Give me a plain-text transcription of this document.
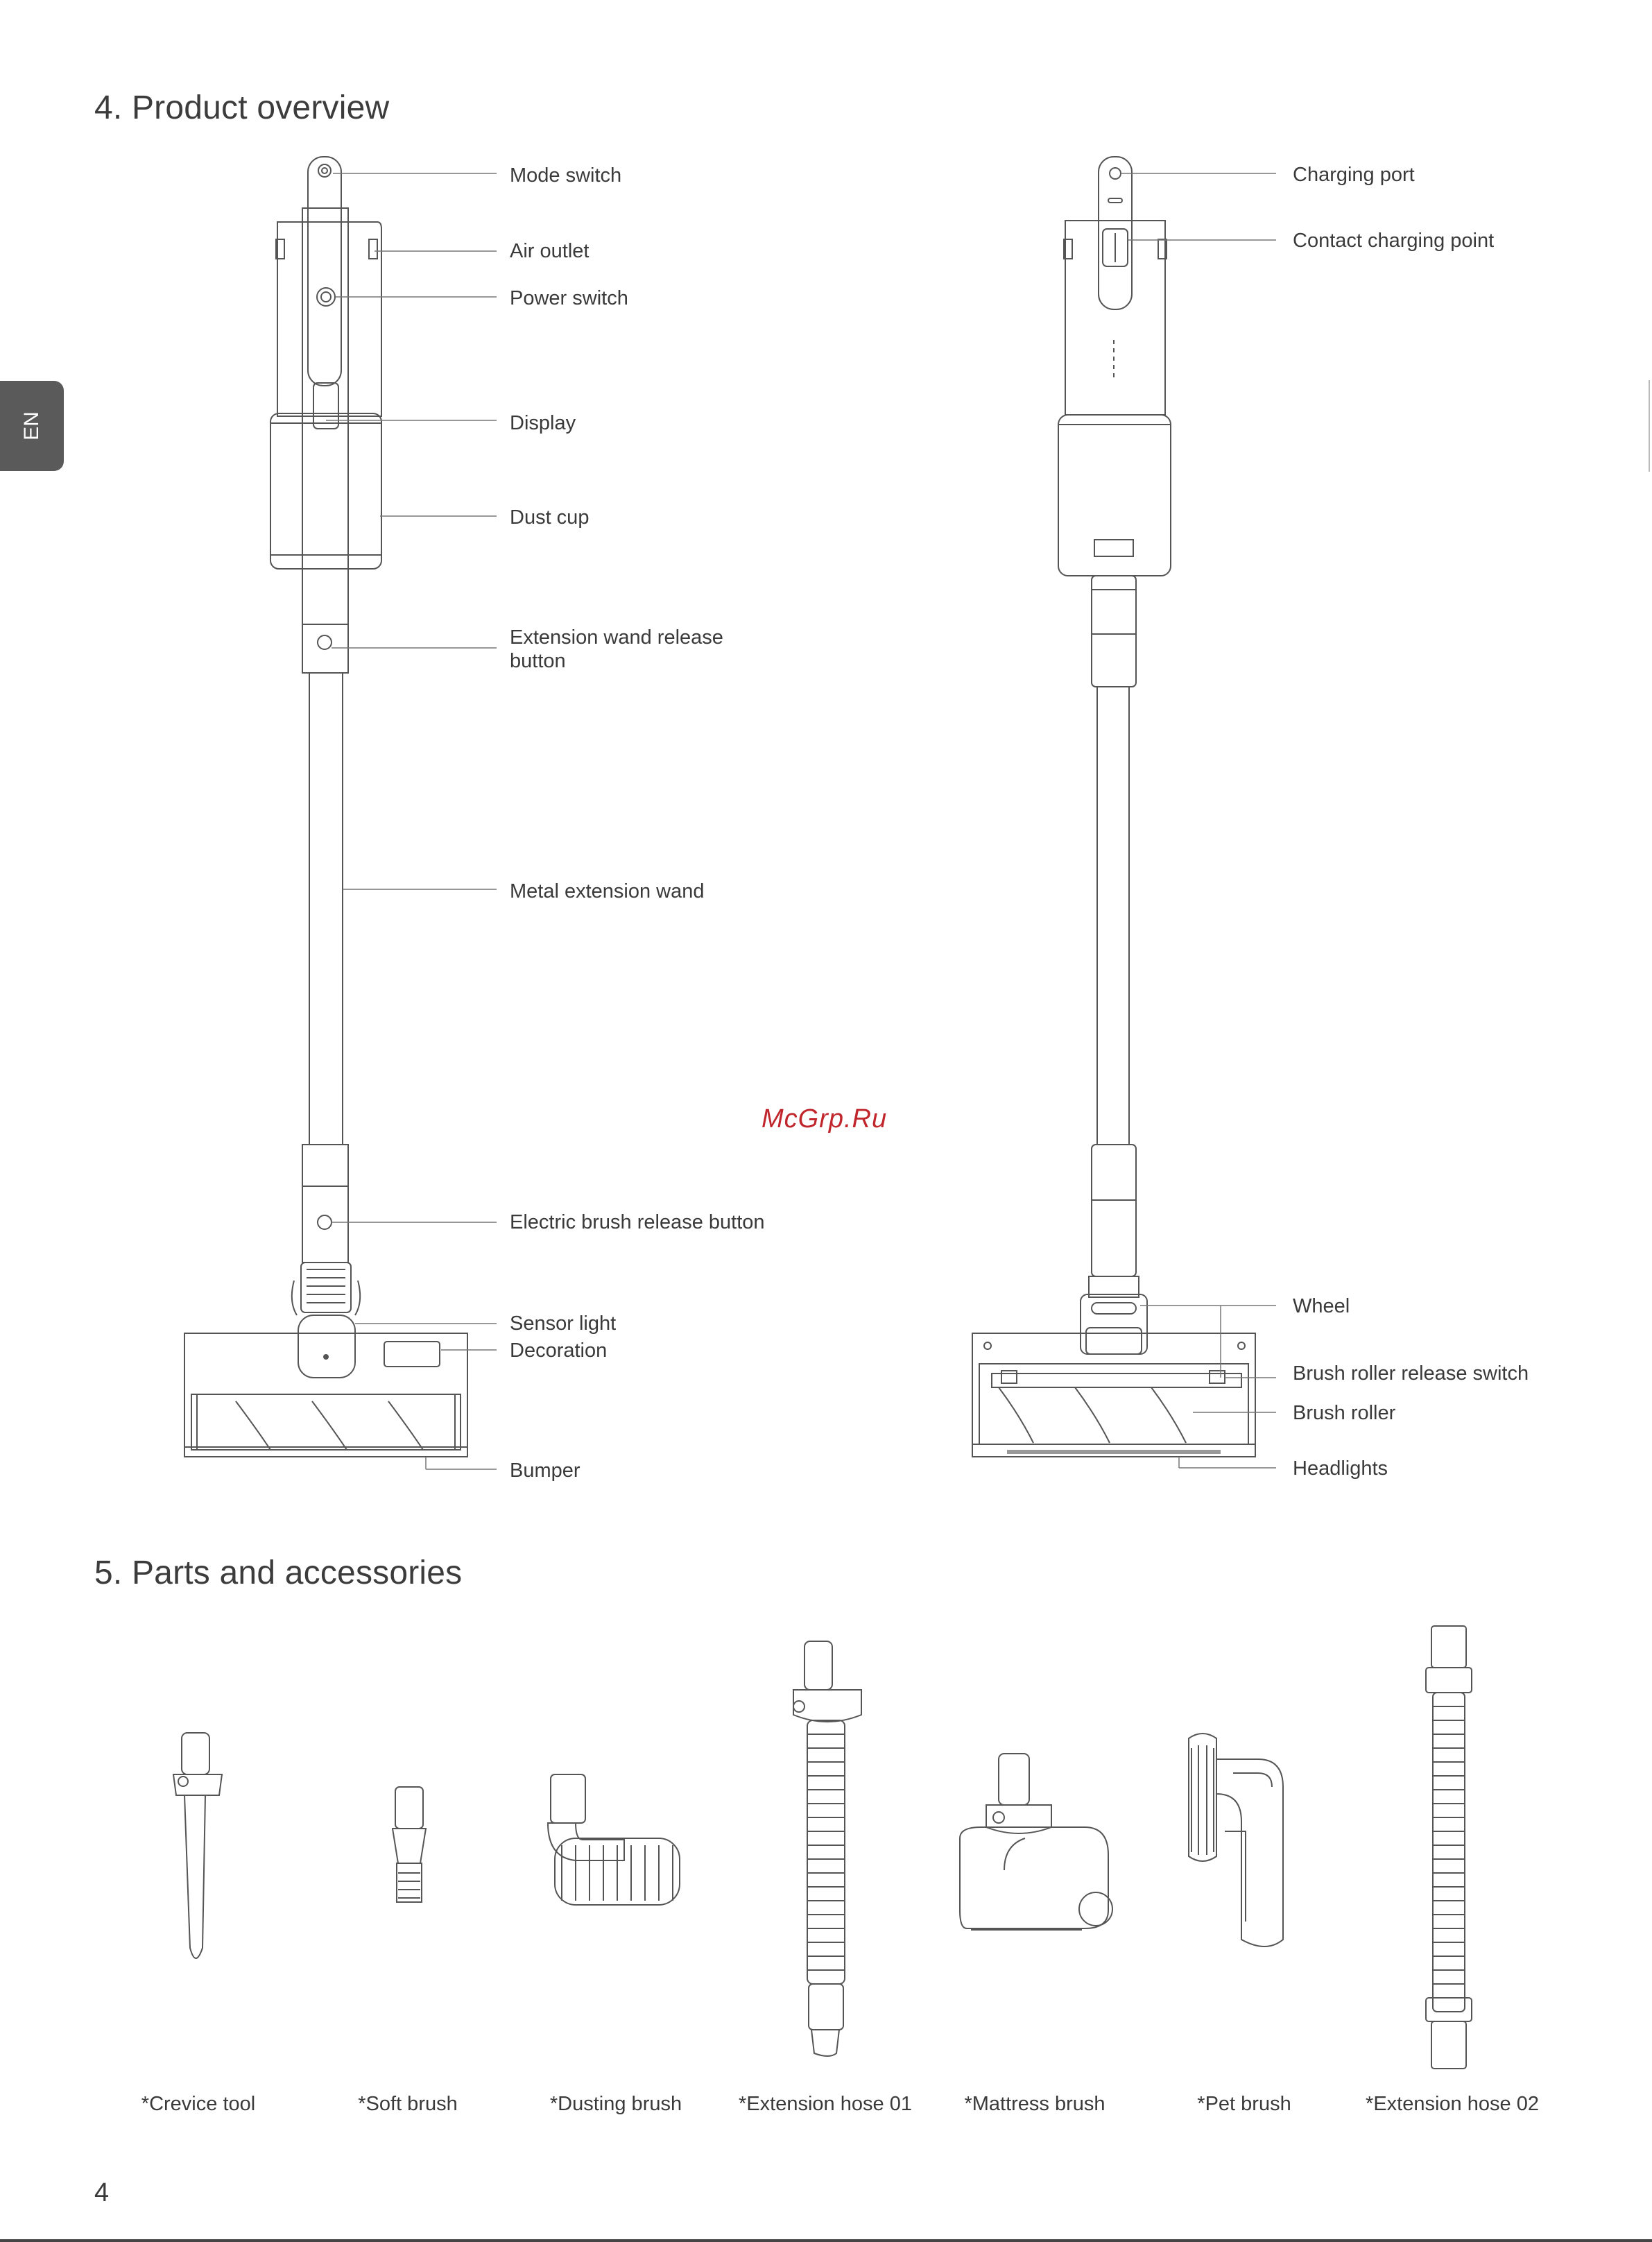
EN
4. Product overview
5. Parts and accessories
Mode switch
Air outlet
Power switch
Display
Dust cup
Extension wand release
button
Metal extension wand
Electric brush release button
Sensor light
Decoration
Bumper
Charging port
Contact charging point
Wheel
Brush roller release switch
Brush roller
Headlights
McGrp.Ru
*Crevice tool	*Soft brush	*Dusting brush	*Extension hose 01	*Mattress brush	*Pet brush	*Extension hose 02
4
